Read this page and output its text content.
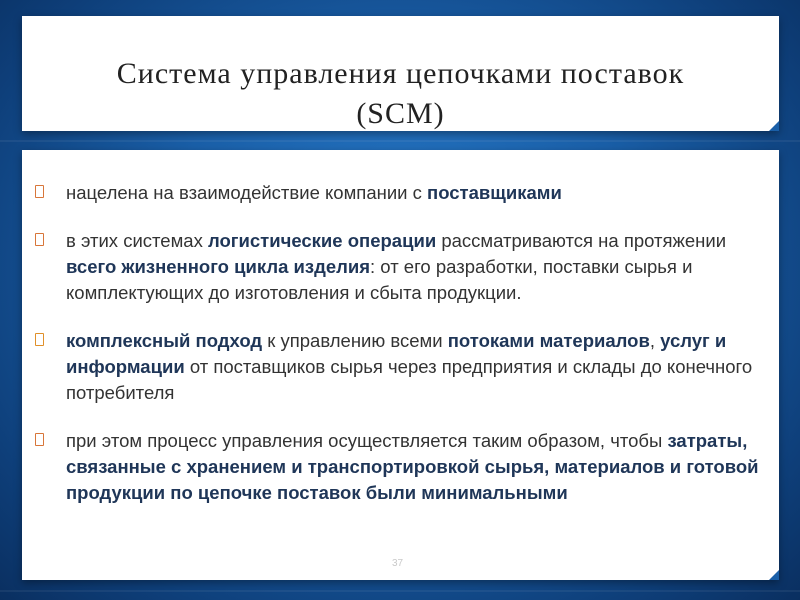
Система управления цепочками поставок
(SCM)
нацелена на взаимодействие компании с поставщиками
в этих системах логистические операции рассматриваются на протяжении всего жизненного цикла изделия: от его разработки, поставки сырья и комплектующих до изготовления и сбыта продукции.
комплексный подход к управлению всеми потоками материалов, услуг и информации от поставщиков сырья через предприятия и склады до конечного потребителя
при этом процесс управления осуществляется таким образом, чтобы затраты, связанные с хранением и транспортировкой сырья, материалов и готовой продукции по цепочке поставок были минимальными
37
